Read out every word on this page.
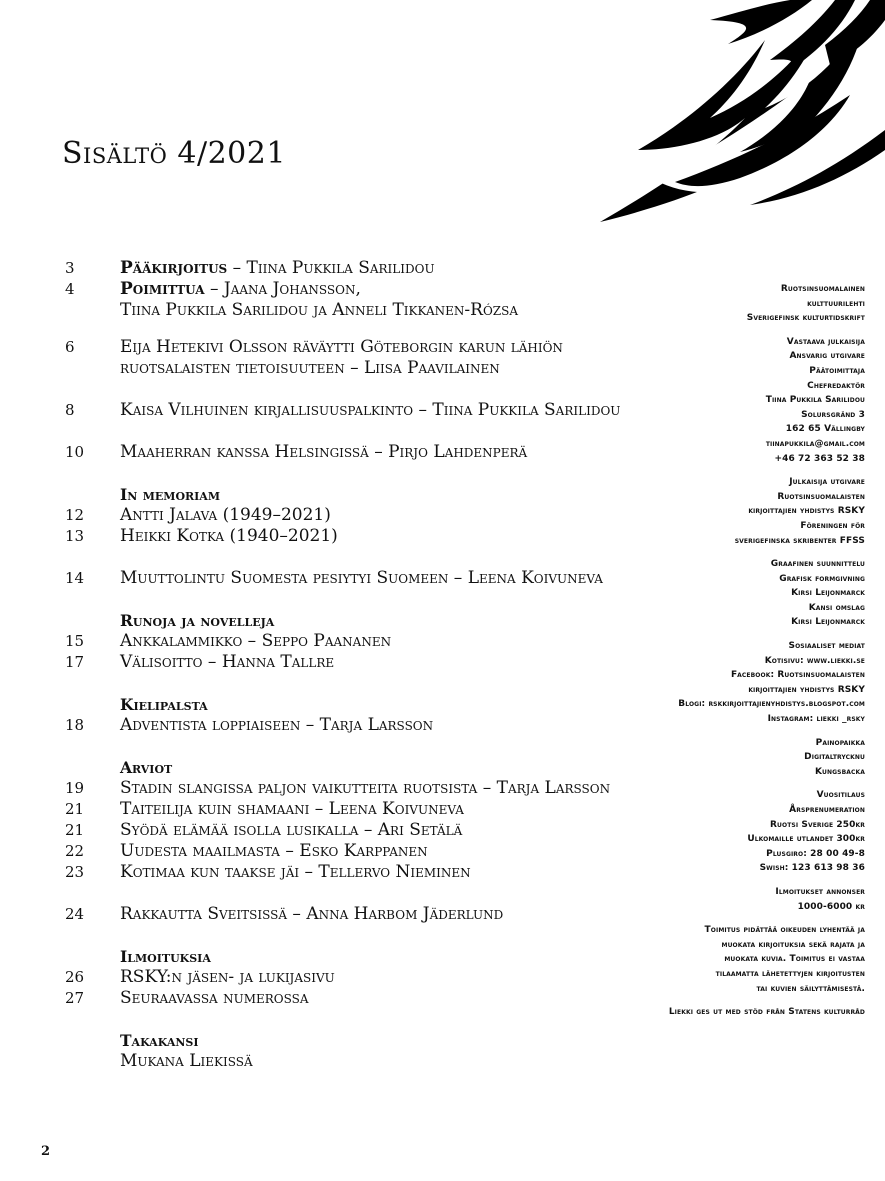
Sisältö 4/2021
3	Pääkirjoitus – Tiina Pukkila Sarilidou
4	Poimittua – Jaana Johansson,
Tiina Pukkila Sarilidou ja Anneli Tikkanen-Rózsa
6	Eija Hetekivi Olsson räväytti Göteborgin karun lähiön
ruotsalaisten tietoisuuteen – Liisa Paavilainen
8	Kaisa Vilhuinen kirjallisuuspalkinto – Tiina Pukkila Sarilidou
10	Maaherran kanssa Helsingissä – Pirjo Lahdenperä
In memoriam
12	Antti Jalava (1949–2021)
13	Heikki Kotka (1940–2021)
14	Muuttolintu Suomesta pesiytyi Suomeen – Leena Koivuneva
Runoja ja novelleja
15	Ankkalammikko – Seppo Paananen
17	Välisoitto – Hanna Tallre
Kielipalsta
18	Adventista loppiaiseen – Tarja Larsson
Arviot
19	Stadin slangissa paljon vaikutteita ruotsista – Tarja Larsson
21	Taiteilija kuin shamaani – Leena Koivuneva
21	Syödä elämää isolla lusikalla – Ari Setälä
22	Uudesta maailmasta – Esko Karppanen
23	Kotimaa kun taakse jäi – Tellervo Nieminen
24	Rakkautta Sveitsissä – Anna Harbom Jäderlund
Ilmoituksia
26	RSKY:n jäsen- ja lukijasivu
27	Seuraavassa numerossa
Takakansi
Mukana Liekissä
Ruotsinsuomalainen
kulttuurilehti
Sverigefinsk kulturtidskrift
Vastaava julkaisija
Ansvarig utgivare
Päätoimittaja
Chefredaktör
Tiina Pukkila Sarilidou
Solursgränd 3
162 65 Vällingby
tiinapukkila@gmail.com
+46 72 363 52 38
Julkaisija utgivare
Ruotsinsuomalaisten
kirjoittajien yhdistys RSKY
Föreningen för
sverigefinska skribenter FFSS
Graafinen suunnittelu
Grafisk formgivning
Kirsi Leijonmarck
Kansi omslag
Kirsi Leijonmarck
Sosiaaliset mediat
Kotisivu: www.liekki.se
Facebook: Ruotsinsuomalaisten
kirjoittajien yhdistys RSKY
Blogi: rskkirjoittajienyhdistys.blogspot.com
Instagram: liekki _rsky
Painopaikka
Digitaltrycknu
Kungsbacka
Vuositilaus
Årsprenumeration
Ruotsi Sverige 250kr
Ulkomaille utlandet 300kr
Plusgiro: 28 00 49-8
Swish: 123 613 98 36
Ilmoitukset annonser
1000-6000 kr
Toimitus pidättää oikeuden lyhentää ja
muokata kirjoituksia sekä rajata ja
muokata kuvia. Toimitus ei vastaa
tilaamatta lähetettyjen kirjoitusten
tai kuvien säilyttämisestä.
Liekki ges ut med stöd från Statens kulturråd
2
